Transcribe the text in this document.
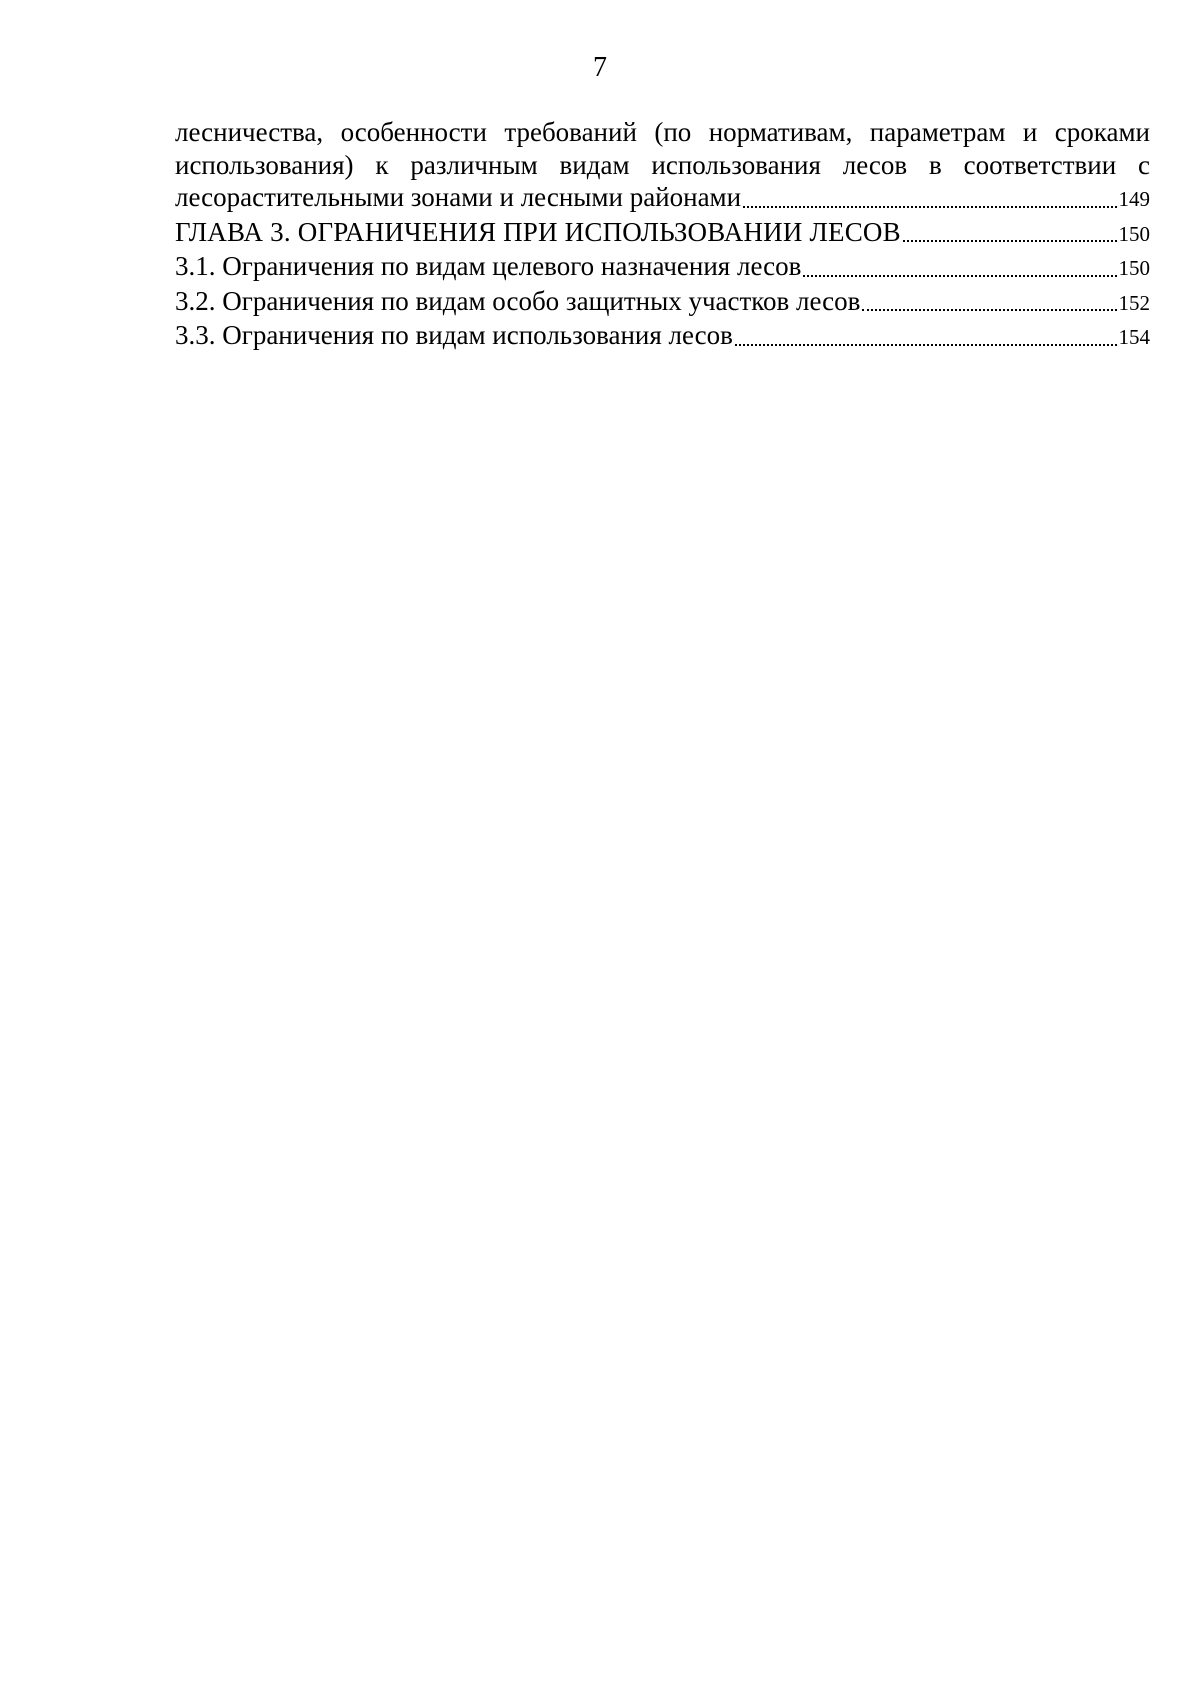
7
лесничества, особенности требований (по нормативам, параметрам и сроками
использования) к различным видам использования лесов в соответствии с
лесорастительными зонами и лесными районами	149
ГЛАВА 3. ОГРАНИЧЕНИЯ ПРИ ИСПОЛЬЗОВАНИИ ЛЕСОВ	150
3.1. Ограничения по видам целевого назначения лесов	150
3.2. Ограничения по видам особо защитных участков лесов	152
3.3. Ограничения по видам использования лесов	154
